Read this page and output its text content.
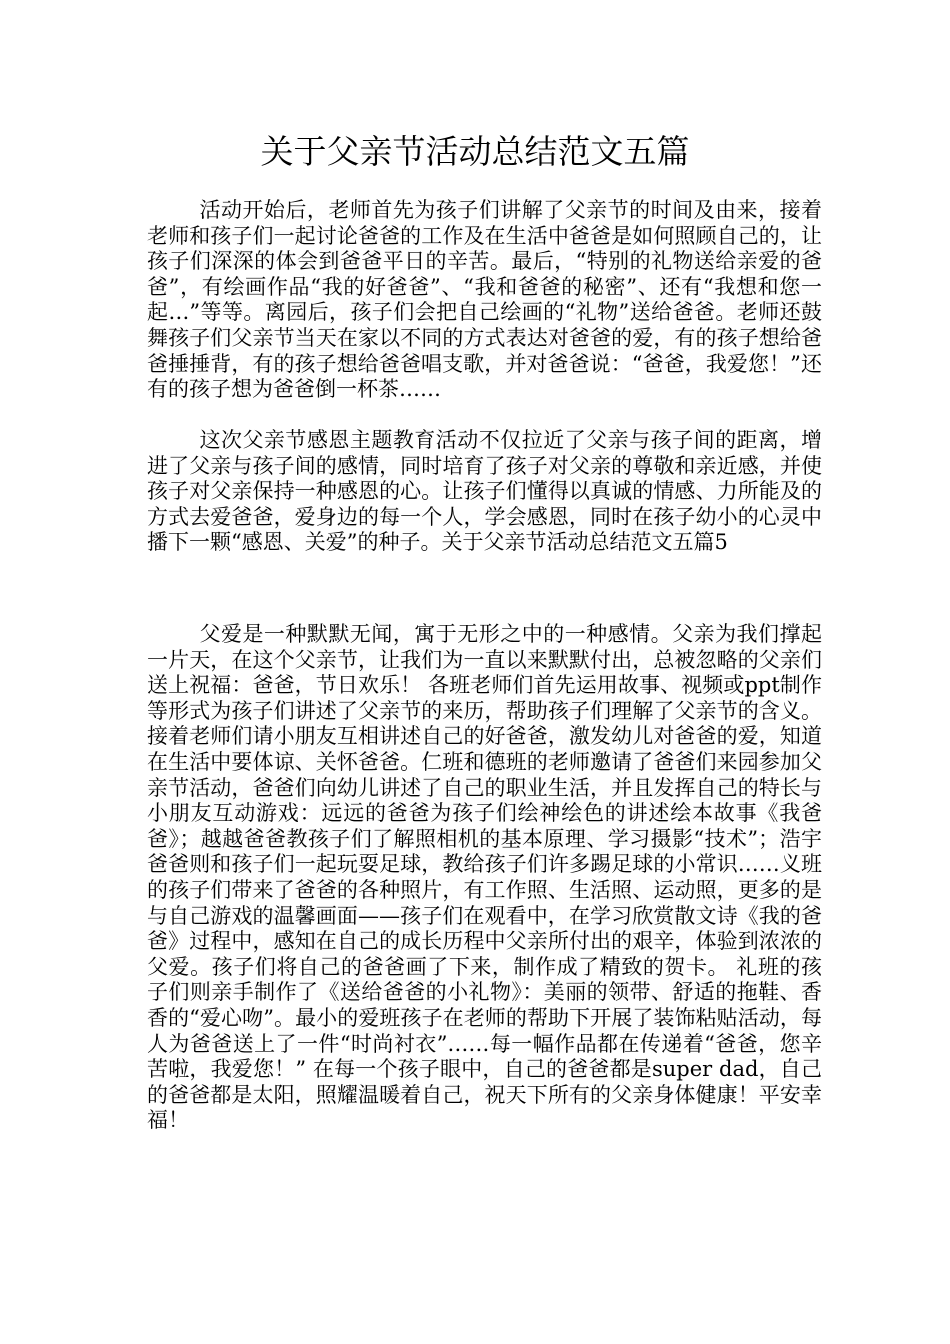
关于父亲节活动总结范文五篇

活动开始后，老师首先为孩子们讲解了父亲节的时间及由来，接着老师和孩子们一起讨论爸爸的工作及在生活中爸爸是如何照顾自己的，让孩子们深深的体会到爸爸平日的辛苦。最后，“特别的礼物送给亲爱的爸爸”，有绘画作品“我的好爸爸”、“我和爸爸的秘密”、还有“我想和您一起…”等等。离园后，孩子们会把自己绘画的“礼物”送给爸爸。老师还鼓舞孩子们父亲节当天在家以不同的方式表达对爸爸的爱，有的孩子想给爸爸捶捶背，有的孩子想给爸爸唱支歌，并对爸爸说：“爸爸，我爱您！”还有的孩子想为爸爸倒一杯茶……

这次父亲节感恩主题教育活动不仅拉近了父亲与孩子间的距离，增进了父亲与孩子间的感情，同时培育了孩子对父亲的尊敬和亲近感，并使孩子对父亲保持一种感恩的心。让孩子们懂得以真诚的情感、力所能及的方式去爱爸爸，爱身边的每一个人，学会感恩，同时在孩子幼小的心灵中播下一颗“感恩、关爱”的种子。关于父亲节活动总结范文五篇5

父爱是一种默默无闻，寓于无形之中的一种感情。父亲为我们撑起一片天，在这个父亲节，让我们为一直以来默默付出，总被忽略的父亲们送上祝福：爸爸，节日欢乐！ 各班老师们首先运用故事、视频或ppt制作等形式为孩子们讲述了父亲节的来历，帮助孩子们理解了父亲节的含义。接着老师们请小朋友互相讲述自己的好爸爸，激发幼儿对爸爸的爱，知道在生活中要体谅、关怀爸爸。仁班和德班的老师邀请了爸爸们来园参加父亲节活动，爸爸们向幼儿讲述了自己的职业生活，并且发挥自己的特长与小朋友互动游戏：远远的爸爸为孩子们绘神绘色的讲述绘本故事《我爸爸》；越越爸爸教孩子们了解照相机的基本原理、学习摄影“技术”；浩宇爸爸则和孩子们一起玩耍足球，教给孩子们许多踢足球的小常识……义班的孩子们带来了爸爸的各种照片，有工作照、生活照、运动照，更多的是与自己游戏的温馨画面——孩子们在观看中，在学习欣赏散文诗《我的爸爸》过程中，感知在自己的成长历程中父亲所付出的艰辛，体验到浓浓的父爱。孩子们将自己的爸爸画了下来，制作成了精致的贺卡。 礼班的孩子们则亲手制作了《送给爸爸的小礼物》：美丽的领带、舒适的拖鞋、香香的“爱心吻”。最小的爱班孩子在老师的帮助下开展了装饰粘贴活动，每人为爸爸送上了一件“时尚衬衣”……每一幅作品都在传递着“爸爸，您辛苦啦，我爱您！” 在每一个孩子眼中，自己的爸爸都是super dad，自己的爸爸都是太阳，照耀温暖着自己，祝天下所有的父亲身体健康！平安幸福！
